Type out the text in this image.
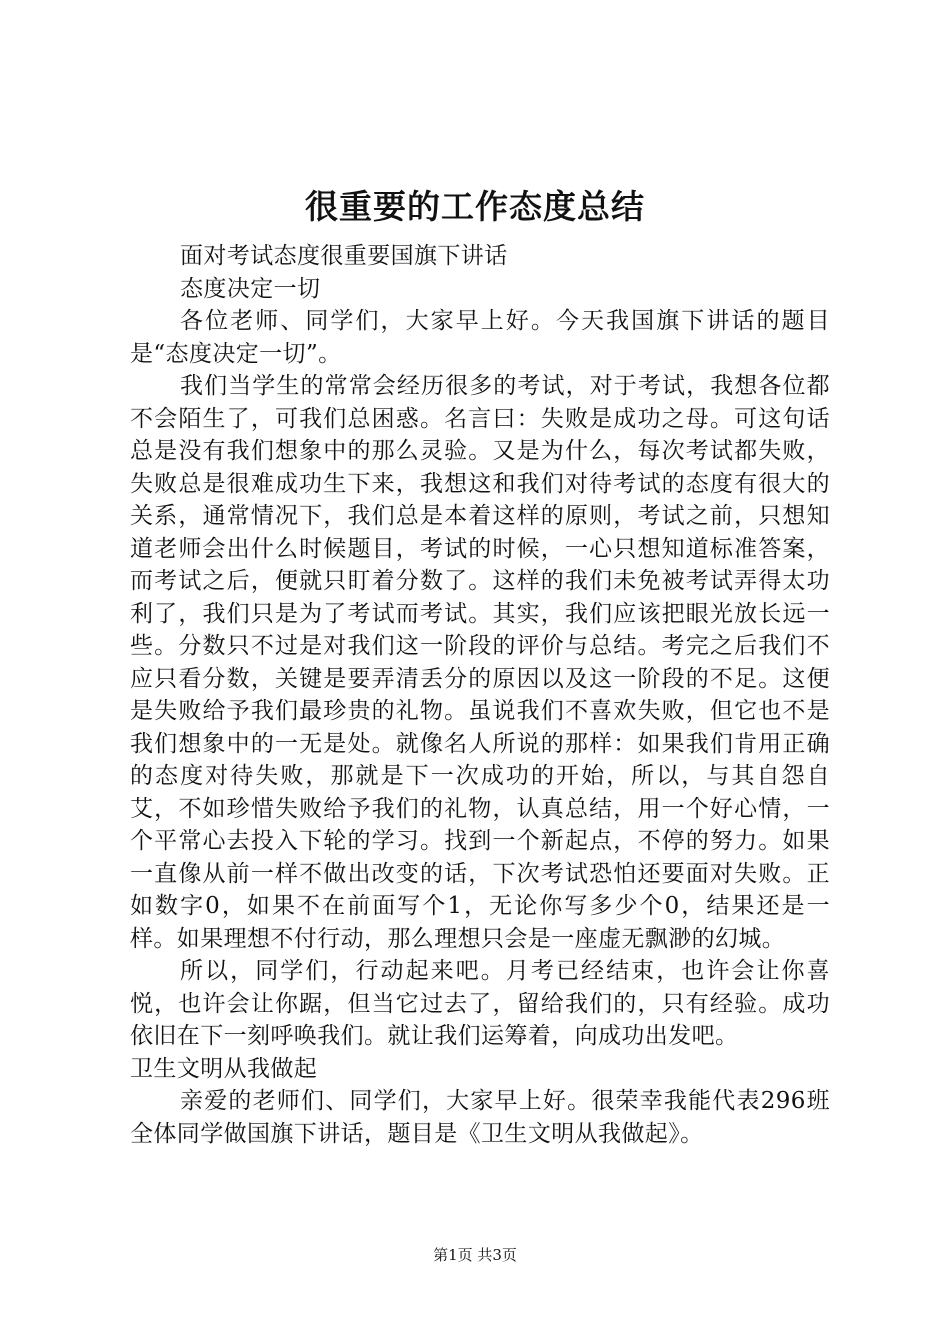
很重要的工作态度总结

面对考试态度很重要国旗下讲话

态度决定一切

各位老师、同学们，大家早上好。今天我国旗下讲话的题目是“态度决定一切”。

我们当学生的常常会经历很多的考试，对于考试，我想各位都不会陌生了，可我们总困惑。名言曰：失败是成功之母。可这句话总是没有我们想象中的那么灵验。又是为什么，每次考试都失败，失败总是很难成功生下来，我想这和我们对待考试的态度有很大的关系，通常情况下，我们总是本着这样的原则，考试之前，只想知道老师会出什么时候题目，考试的时候，一心只想知道标准答案，而考试之后，便就只盯着分数了。这样的我们未免被考试弄得太功利了，我们只是为了考试而考试。其实，我们应该把眼光放长远一些。分数只不过是对我们这一阶段的评价与总结。考完之后我们不应只看分数，关键是要弄清丢分的原因以及这一阶段的不足。这便是失败给予我们最珍贵的礼物。虽说我们不喜欢失败，但它也不是我们想象中的一无是处。就像名人所说的那样：如果我们肯用正确的态度对待失败，那就是下一次成功的开始，所以，与其自怨自艾，不如珍惜失败给予我们的礼物，认真总结，用一个好心情，一个平常心去投入下轮的学习。找到一个新起点，不停的努力。如果一直像从前一样不做出改变的话，下次考试恐怕还要面对失败。正如数字0，如果不在前面写个1，无论你写多少个0，结果还是一样。如果理想不付行动，那么理想只会是一座虚无飘渺的幻城。

所以，同学们，行动起来吧。月考已经结束，也许会让你喜悦，也许会让你踞，但当它过去了，留给我们的，只有经验。成功依旧在下一刻呼唤我们。就让我们运筹着，向成功出发吧。

卫生文明从我做起

亲爱的老师们、同学们，大家早上好。很荣幸我能代表296班全体同学做国旗下讲话，题目是《卫生文明从我做起》。

第1页 共3页
